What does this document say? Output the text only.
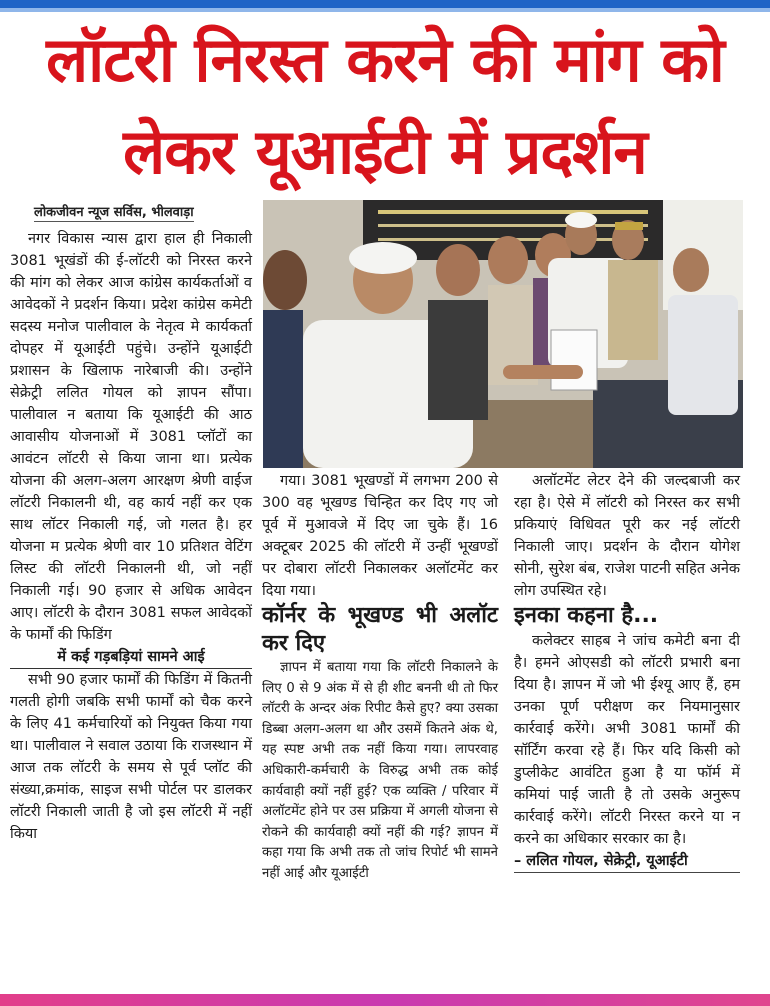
लॉटरी निरस्त करने की मांग को लेकर यूआईटी में प्रदर्शन
लोकजीवन न्यूज सर्विस, भीलवाड़ा

नगर विकास न्यास द्वारा हाल ही निकाली 3081 भूखंडों की ई-लॉटरी को निरस्त करने की मांग को लेकर आज कांग्रेस कार्यकर्ताओं व आवेदकों ने प्रदर्शन किया। प्रदेश कांग्रेस कमेटी सदस्य मनोज पालीवाल के नेतृत्व मे कार्यकर्ता दोपहर में यूआईटी पहुंचे। उन्होंने यूआईटी प्रशासन के खिलाफ नारेबाजी की। उन्होंने सेक्रेट्री ललित गोयल को ज्ञापन सौंपा। पालीवाल न बताया कि यूआईटी की आठ आवासीय योजनाओं में 3081 प्लॉटों का आवंटन लॉटरी से किया जाना था। प्रत्येक योजना की अलग-अलग आरक्षण श्रेणी वाईज लॉटरी निकालनी थी, वह कार्य नहीं कर एक साथ लॉटर निकाली गई, जो गलत है। हर योजना म प्रत्येक श्रेणी वार 10 प्रतिशत वेटिंग लिस्ट की लॉटरी निकालनी थी, जो नहीं निकाली गई। 90 हजार से अधिक आवेदन आए। लॉटरी के दौरान 3081 सफल आवेदकों के फार्मों की फिडिंग

में कई गड़बड़ियां सामने आई

सभी 90 हजार फार्मों की फिडिंग में कितनी गलती होगी जबकि सभी फार्मों को चैक करने के लिए 41 कर्मचारियों को नियुक्त किया गया था। पालीवाल ने सवाल उठाया कि राजस्थान में आज तक लॉटरी के समय से पूर्व प्लॉट की संख्या,क्रमांक, साइज सभी पोर्टल पर डालकर लॉटरी निकाली जाती है जो इस लॉटरी में नहीं किया

गया। 3081 भूखण्डों में लगभग 200 से 300 वह भूखण्ड चिन्हित कर दिए गए जो पूर्व में मुआवजे में दिए जा चुके हैं। 16 अक्टूबर 2025 की लॉटरी में उन्हीं भूखण्डों पर दोबारा लॉटरी निकालकर अलॉटमेंट कर दिया गया।

कॉर्नर के भूखण्ड भी अलॉट कर दिए

ज्ञापन में बताया गया कि लॉटरी निकालने के लिए 0 से 9 अंक में से ही शीट बननी थी तो फिर लॉटरी के अन्दर अंक रिपीट कैसे हुए? क्या उसका डिब्बा अलग-अलग था और उसमें कितने अंक थे, यह स्पष्ट अभी तक नहीं किया गया। लापरवाह अधिकारी-कर्मचारी के विरुद्ध अभी तक कोई कार्यवाही क्यों नहीं हुई? एक व्यक्ति / परिवार में अलॉटमेंट होने पर उस प्रक्रिया में अगली योजना से रोकने की कार्यवाही क्यों नहीं की गई? ज्ञापन में कहा गया कि अभी तक तो जांच रिपोर्ट भी सामने नहीं आई और यूआईटी

अलॉटमेंट लेटर देने की जल्दबाजी कर रहा है। ऐसे में लॉटरी को निरस्त कर सभी प्रकियाएं विधिवत पूरी कर नई लॉटरी निकाली जाए। प्रदर्शन के दौरान योगेश सोनी, सुरेश बंब, राजेश पाटनी सहित अनेक लोग उपस्थित रहे।

इनका कहना है...

कलेक्टर साहब ने जांच कमेटी बना दी है। हमने ओएसडी को लॉटरी प्रभारी बना दिया है। ज्ञापन में जो भी ईश्यू आए हैं, हम उनका पूर्ण परीक्षण कर नियमानुसार कार्रवाई करेंगे। अभी 3081 फार्मों की सॉर्टिंग करवा रहे हैं। फिर यदि किसी को डुप्लीकेट आवंटित हुआ है या फॉर्म में कमियां पाई जाती है तो उसके अनुरूप कार्रवाई करेंगे। लॉटरी निरस्त करने या न करने का अधिकार सरकार का है।

– ललित गोयल, सेक्रेट्री, यूआईटी
